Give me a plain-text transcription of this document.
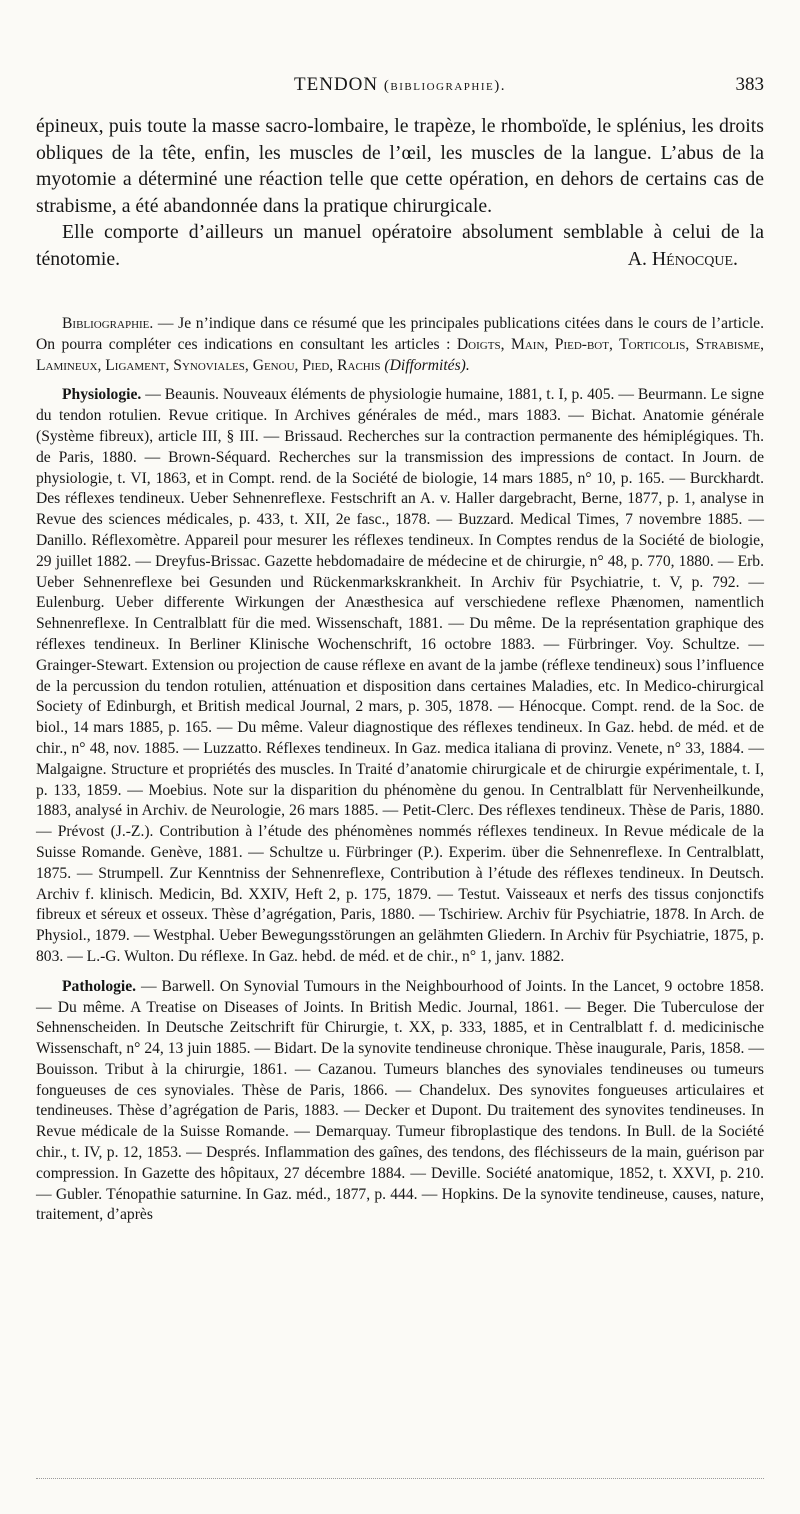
TENDON (bibliographie).	383

épineux, puis toute la masse sacro-lombaire, le trapèze, le rhomboïde, le splénius, les droits obliques de la tête, enfin, les muscles de l’œil, les muscles de la langue. L’abus de la myotomie a déterminé une réaction telle que cette opération, en dehors de certains cas de strabisme, a été abandonnée dans la pratique chirurgicale.

Elle comporte d’ailleurs un manuel opératoire absolument semblable à celui de la ténotomie.	A. Hénocque.

Bibliographie. — Je n’indique dans ce résumé que les principales publications citées dans le cours de l’article. On pourra compléter ces indications en consultant les articles : Doigts, Main, Pied-bot, Torticolis, Strabisme, Lamineux, Ligament, Synoviales, Genou, Pied, Rachis (Difformités).

Physiologie. — Beaunis. Nouveaux éléments de physiologie humaine, 1881, t. I, p. 405. — Beurmann. Le signe du tendon rotulien. Revue critique. In Archives générales de méd., mars 1883. — Bichat. Anatomie générale (Système fibreux), article III, § III. — Brissaud. Recherches sur la contraction permanente des hémiplégiques. Th. de Paris, 1880. — Brown-Séquard. Recherches sur la transmission des impressions de contact. In Journ. de physiologie, t. VI, 1863, et in Compt. rend. de la Société de biologie, 14 mars 1885, n° 10, p. 165. — Burckhardt. Des réflexes tendineux. Ueber Sehnenreflexe. Festschrift an A. v. Haller dargebracht, Berne, 1877, p. 1, analyse in Revue des sciences médicales, p. 433, t. XII, 2e fasc., 1878. — Buzzard. Medical Times, 7 novembre 1885. — Danillo. Réflexomètre. Appareil pour mesurer les réflexes tendineux. In Comptes rendus de la Société de biologie, 29 juillet 1882. — Dreyfus-Brissac. Gazette hebdomadaire de médecine et de chirurgie, n° 48, p. 770, 1880. — Erb. Ueber Sehnenreflexe bei Gesunden und Rückenmarkskrankheit. In Archiv für Psychiatrie, t. V, p. 792. — Eulenburg. Ueber differente Wirkungen der Anæsthesica auf verschiedene reflexe Phænomen, namentlich Sehnenreflexe. In Centralblatt für die med. Wissenschaft, 1881. — Du même. De la représentation graphique des réflexes tendineux. In Berliner Klinische Wochenschrift, 16 octobre 1883. — Fürbringer. Voy. Schultze. — Grainger-Stewart. Extension ou projection de cause réflexe en avant de la jambe (réflexe tendineux) sous l’influence de la percussion du tendon rotulien, atténuation et disposition dans certaines Maladies, etc. In Medico-chirurgical Society of Edinburgh, et British medical Journal, 2 mars, p. 305, 1878. — Hénocque. Compt. rend. de la Soc. de biol., 14 mars 1885, p. 165. — Du même. Valeur diagnostique des réflexes tendineux. In Gaz. hebd. de méd. et de chir., n° 48, nov. 1885. — Luzzatto. Réflexes tendineux. In Gaz. medica italiana di provinz. Venete, n° 33, 1884. — Malgaigne. Structure et propriétés des muscles. In Traité d’anatomie chirurgicale et de chirurgie expérimentale, t. I, p. 133, 1859. — Moebius. Note sur la disparition du phénomène du genou. In Centralblatt für Nervenheilkunde, 1883, analysé in Archiv. de Neurologie, 26 mars 1885. — Petit-Clerc. Des réflexes tendineux. Thèse de Paris, 1880. — Prévost (J.-Z.). Contribution à l’étude des phénomènes nommés réflexes tendineux. In Revue médicale de la Suisse Romande. Genève, 1881. — Schultze u. Fürbringer (P.). Experim. über die Sehnenreflexe. In Centralblatt, 1875. — Strumpell. Zur Kenntniss der Sehnenreflexe, Contribution à l’étude des réflexes tendineux. In Deutsch. Archiv f. klinisch. Medicin, Bd. XXIV, Heft 2, p. 175, 1879. — Testut. Vaisseaux et nerfs des tissus conjonctifs fibreux et séreux et osseux. Thèse d’agrégation, Paris, 1880. — Tschiriew. Archiv für Psychiatrie, 1878. In Arch. de Physiol., 1879. — Westphal. Ueber Bewegungsstörungen an gelähmten Gliedern. In Archiv für Psychiatrie, 1875, p. 803. — L.-G. Wulton. Du réflexe. In Gaz. hebd. de méd. et de chir., n° 1, janv. 1882.

Pathologie. — Barwell. On Synovial Tumours in the Neighbourhood of Joints. In the Lancet, 9 octobre 1858. — Du même. A Treatise on Diseases of Joints. In British Medic. Journal, 1861. — Beger. Die Tuberculose der Sehnenscheiden. In Deutsche Zeitschrift für Chirurgie, t. XX, p. 333, 1885, et in Centralblatt f. d. medicinische Wissenschaft, n° 24, 13 juin 1885. — Bidart. De la synovite tendineuse chronique. Thèse inaugurale, Paris, 1858. — Bouisson. Tribut à la chirurgie, 1861. — Cazanou. Tumeurs blanches des synoviales tendineuses ou tumeurs fongueuses de ces synoviales. Thèse de Paris, 1866. — Chandelux. Des synovites fongueuses articulaires et tendineuses. Thèse d’agrégation de Paris, 1883. — Decker et Dupont. Du traitement des synovites tendineuses. In Revue médicale de la Suisse Romande. — Demarquay. Tumeur fibroplastique des tendons. In Bull. de la Société chir., t. IV, p. 12, 1853. — Després. Inflammation des gaînes, des tendons, des fléchisseurs de la main, guérison par compression. In Gazette des hôpitaux, 27 décembre 1884. — Deville. Société anatomique, 1852, t. XXVI, p. 210. — Gubler. Ténopathie saturnine. In Gaz. méd., 1877, p. 444. — Hopkins. De la synovite tendineuse, causes, nature, traitement, d’après
